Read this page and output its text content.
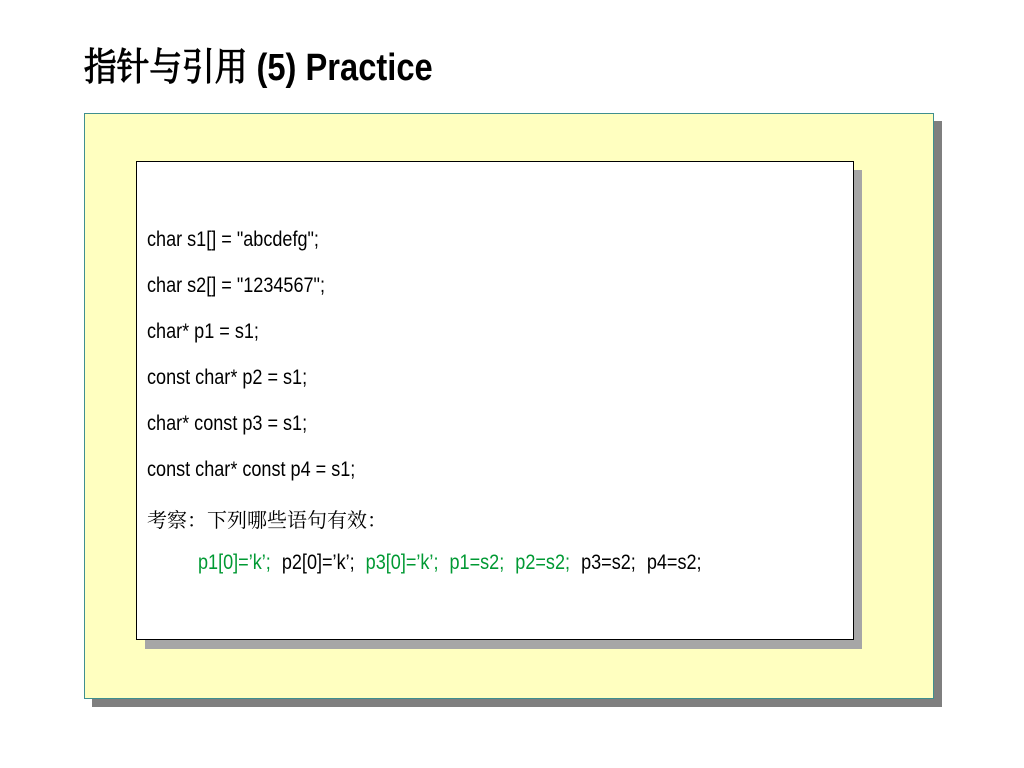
指针与引用 (5) Practice
char s1[] = "abcdefg";
char s2[] = "1234567";
char* p1 = s1;
const char* p2 = s1;
char* const p3 = s1;
const char* const p4 = s1;
考察：下列哪些语句有效：
p1[0]=’k’; p2[0]=’k’; p3[0]=’k’; p1=s2; p2=s2; p3=s2; p4=s2;
